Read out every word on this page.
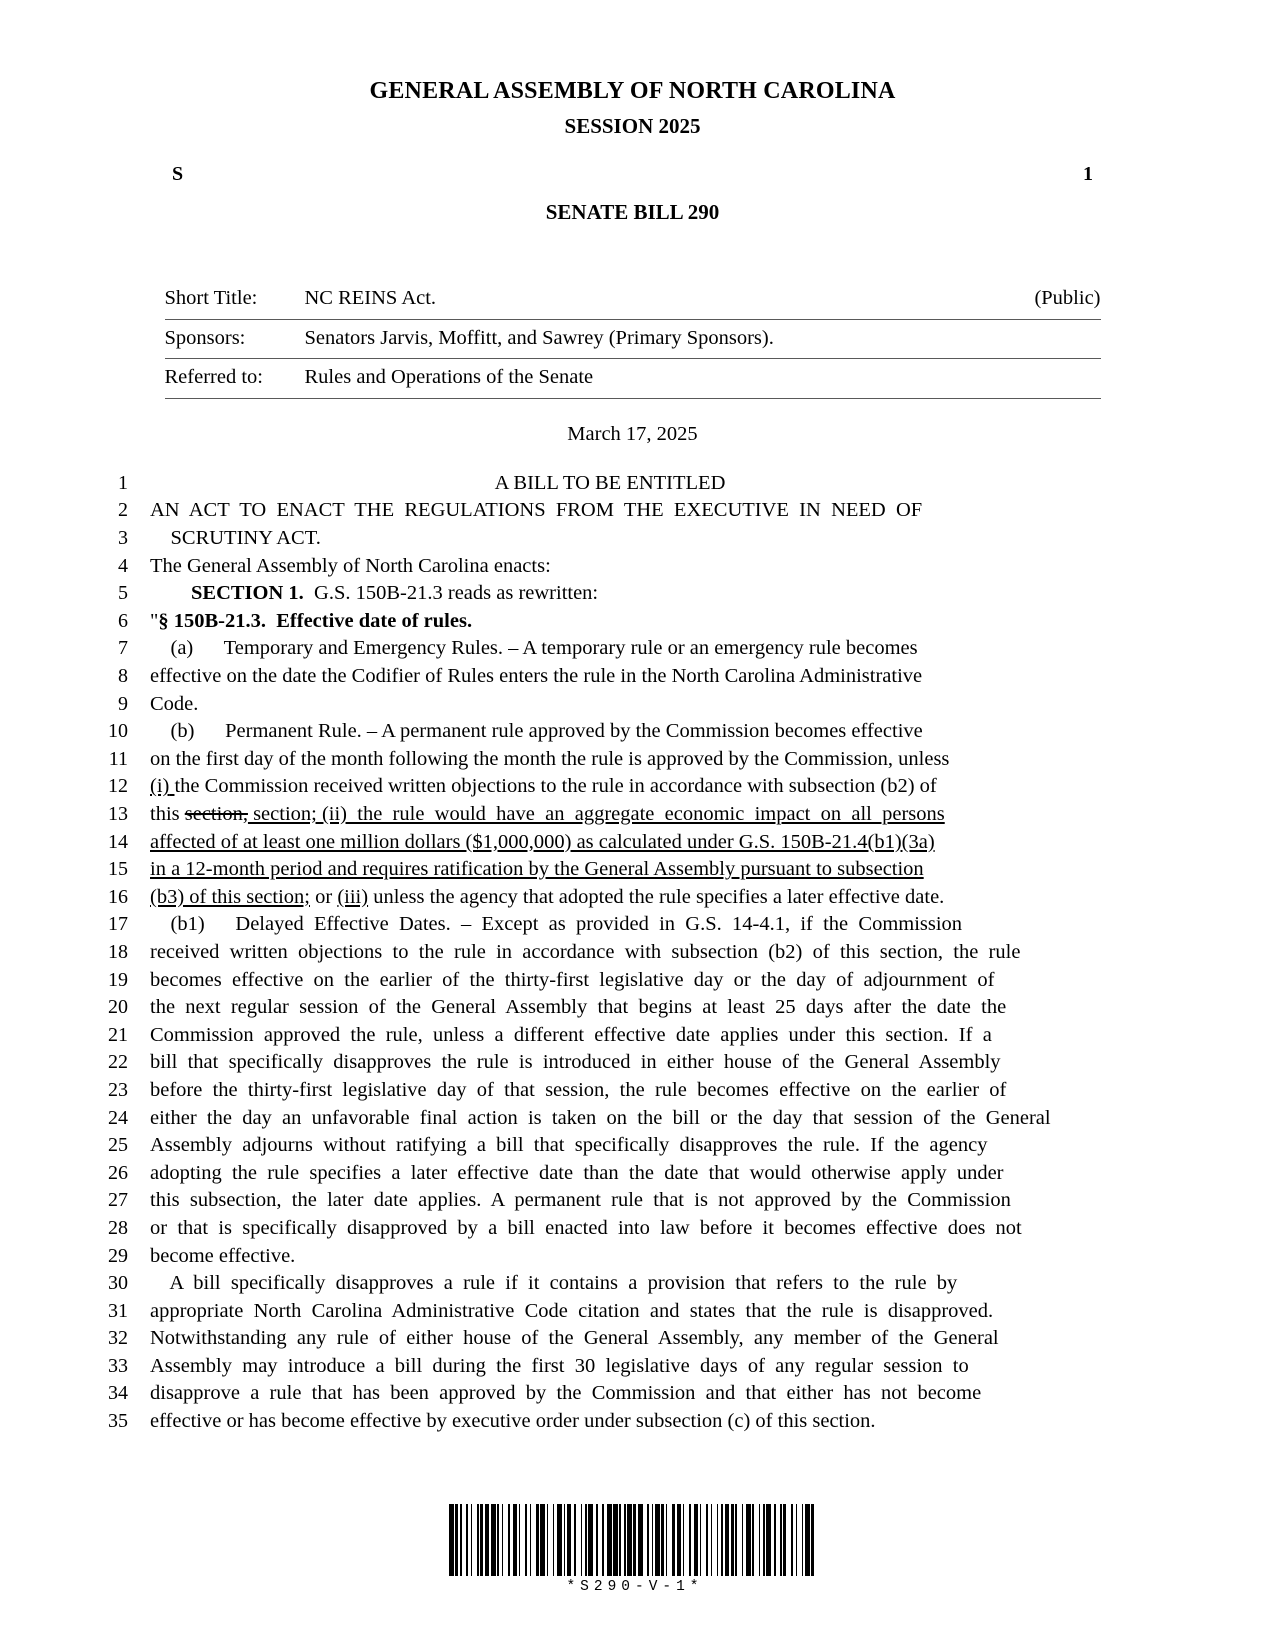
GENERAL ASSEMBLY OF NORTH CAROLINA
SESSION 2025
S	1
SENATE BILL 290
Short Title:	NC REINS Act.	(Public)
Sponsors:	Senators Jarvis, Moffitt, and Sawrey (Primary Sponsors).	
Referred to:	Rules and Operations of the Senate	
March 17, 2025
1	A BILL TO BE ENTITLED
2	AN  ACT  TO  ENACT  THE  REGULATIONS  FROM  THE  EXECUTIVE  IN  NEED  OF
3	SCRUTINY ACT.
4	The General Assembly of North Carolina enacts:
5	SECTION 1.  G.S. 150B-21.3 reads as rewritten:
6	"§ 150B-21.3.  Effective date of rules.
7	(a)      Temporary and Emergency Rules. – A temporary rule or an emergency rule becomes
8	effective on the date the Codifier of Rules enters the rule in the North Carolina Administrative
9	Code.
10	(b)      Permanent Rule. – A permanent rule approved by the Commission becomes effective
11	on the first day of the month following the month the rule is approved by the Commission, unless
12	(i) the Commission received written objections to the rule in accordance with subsection (b2) of
13	this section, section; (ii)  the  rule  would  have  an  aggregate  economic  impact  on  all  persons
14	affected of at least one million dollars ($1,000,000) as calculated under G.S. 150B-21.4(b1)(3a)
15	in a 12-month period and requires ratification by the General Assembly pursuant to subsection
16	(b3) of this section; or (iii) unless the agency that adopted the rule specifies a later effective date.
17	(b1)      Delayed  Effective  Dates.  –  Except  as  provided  in  G.S.  14-4.1,  if  the  Commission
18	received  written  objections  to  the  rule  in  accordance  with  subsection  (b2)  of  this  section,  the  rule
19	becomes  effective  on  the  earlier  of  the  thirty-first  legislative  day  or  the  day  of  adjournment  of
20	the  next  regular  session  of  the  General  Assembly  that  begins  at  least  25  days  after  the  date  the
21	Commission  approved  the  rule,  unless  a  different  effective  date  applies  under  this  section.  If  a
22	bill  that  specifically  disapproves  the  rule  is  introduced  in  either  house  of  the  General  Assembly
23	before  the  thirty-first  legislative  day  of  that  session,  the  rule  becomes  effective  on  the  earlier  of
24	either  the  day  an  unfavorable  final  action  is  taken  on  the  bill  or  the  day  that  session  of  the  General
25	Assembly  adjourns  without  ratifying  a  bill  that  specifically  disapproves  the  rule.  If  the  agency
26	adopting  the  rule  specifies  a  later  effective  date  than  the  date  that  would  otherwise  apply  under
27	this  subsection,  the  later  date  applies.  A  permanent  rule  that  is  not  approved  by  the  Commission
28	or  that  is  specifically  disapproved  by  a  bill  enacted  into  law  before  it  becomes  effective  does  not
29	become effective.
30	A  bill  specifically  disapproves  a  rule  if  it  contains  a  provision  that  refers  to  the  rule  by
31	appropriate  North  Carolina  Administrative  Code  citation  and  states  that  the  rule  is  disapproved.
32	Notwithstanding  any  rule  of  either  house  of  the  General  Assembly,  any  member  of  the  General
33	Assembly  may  introduce  a  bill  during  the  first  30  legislative  days  of  any  regular  session  to
34	disapprove  a  rule  that  has  been  approved  by  the  Commission  and  that  either  has  not  become
35	effective or has become effective by executive order under subsection (c) of this section.
*S290-V-1*
